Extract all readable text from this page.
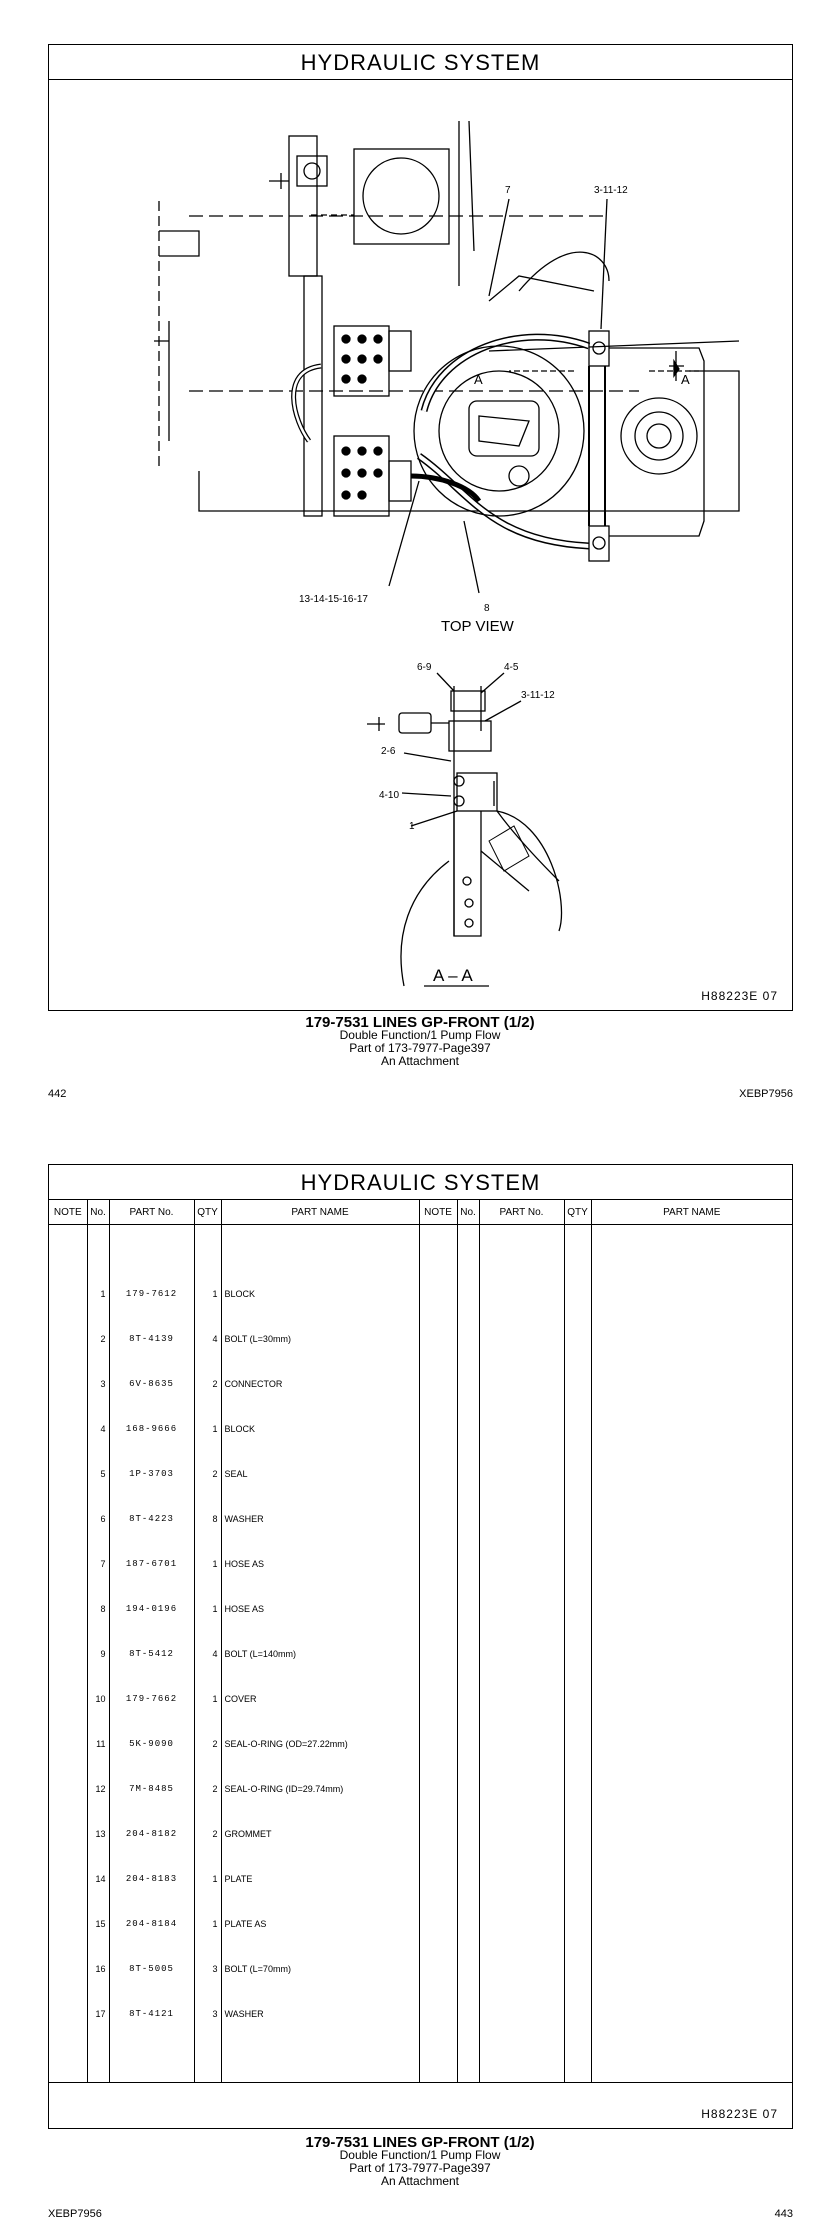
HYDRAULIC SYSTEM
7	3-11-12
A	A
13-14-15-16-17
8
TOP VIEW
6-9	4-5
3-11-12
2-6
4-10
1
A – A
H88223E 07
179-7531 LINES GP-FRONT (1/2)
Double Function/1 Pump Flow
Part of 173-7977-Page397
An Attachment
442	XEBP7956
HYDRAULIC SYSTEM
NOTE	No.	PART No.	QTY	PART NAME	NOTE	No.	PART No.	QTY	PART NAME

	1	179-7612	1	BLOCK					
	2	8T-4139	4	BOLT (L=30mm)					
	3	6V-8635	2	CONNECTOR					
	4	168-9666	1	BLOCK					
	5	1P-3703	2	SEAL					
	6	8T-4223	8	WASHER					
	7	187-6701	1	HOSE AS					
	8	194-0196	1	HOSE AS					
	9	8T-5412	4	BOLT (L=140mm)					
	10	179-7662	1	COVER					
	11	5K-9090	2	SEAL-O-RING (OD=27.22mm)					
	12	7M-8485	2	SEAL-O-RING (ID=29.74mm)					
	13	204-8182	2	GROMMET					
	14	204-8183	1	PLATE					
	15	204-8184	1	PLATE AS					
	16	8T-5005	3	BOLT (L=70mm)					
	17	8T-4121	3	WASHER					

H88223E 07
179-7531 LINES GP-FRONT (1/2)
Double Function/1 Pump Flow
Part of 173-7977-Page397
An Attachment
XEBP7956	443
